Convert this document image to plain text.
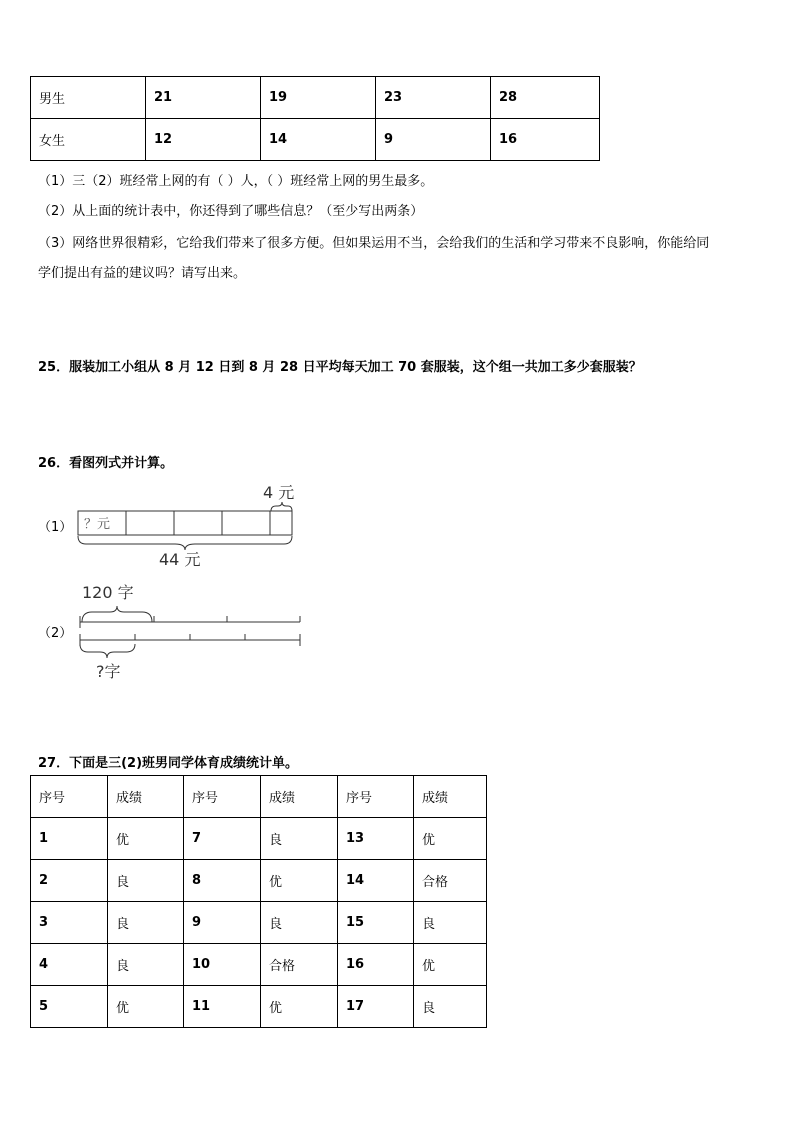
男生	21	19	23	28
女生	12	14	9	16
（1）三（2）班经常上网的有（ ）人，（ ）班经常上网的男生最多。
（2）从上面的统计表中，你还得到了哪些信息？（至少写出两条）
（3）网络世界很精彩，它给我们带来了很多方便。但如果运用不当，会给我们的生活和学习带来不良影响，你能给同
学们提出有益的建议吗？请写出来。
25．服装加工小组从 8 月 12 日到 8 月 28 日平均每天加工 70 套服装，这个组一共加工多少套服装？
26．看图列式并计算。
（1）
4 元
？元
44 元
（2）
120 字
?字
27．下面是三(2)班男同学体育成绩统计单。
序号	成绩	序号	成绩	序号	成绩
1	优	7	良	13	优
2	良	8	优	14	合格
3	良	9	良	15	良
4	良	10	合格	16	优
5	优	11	优	17	良
